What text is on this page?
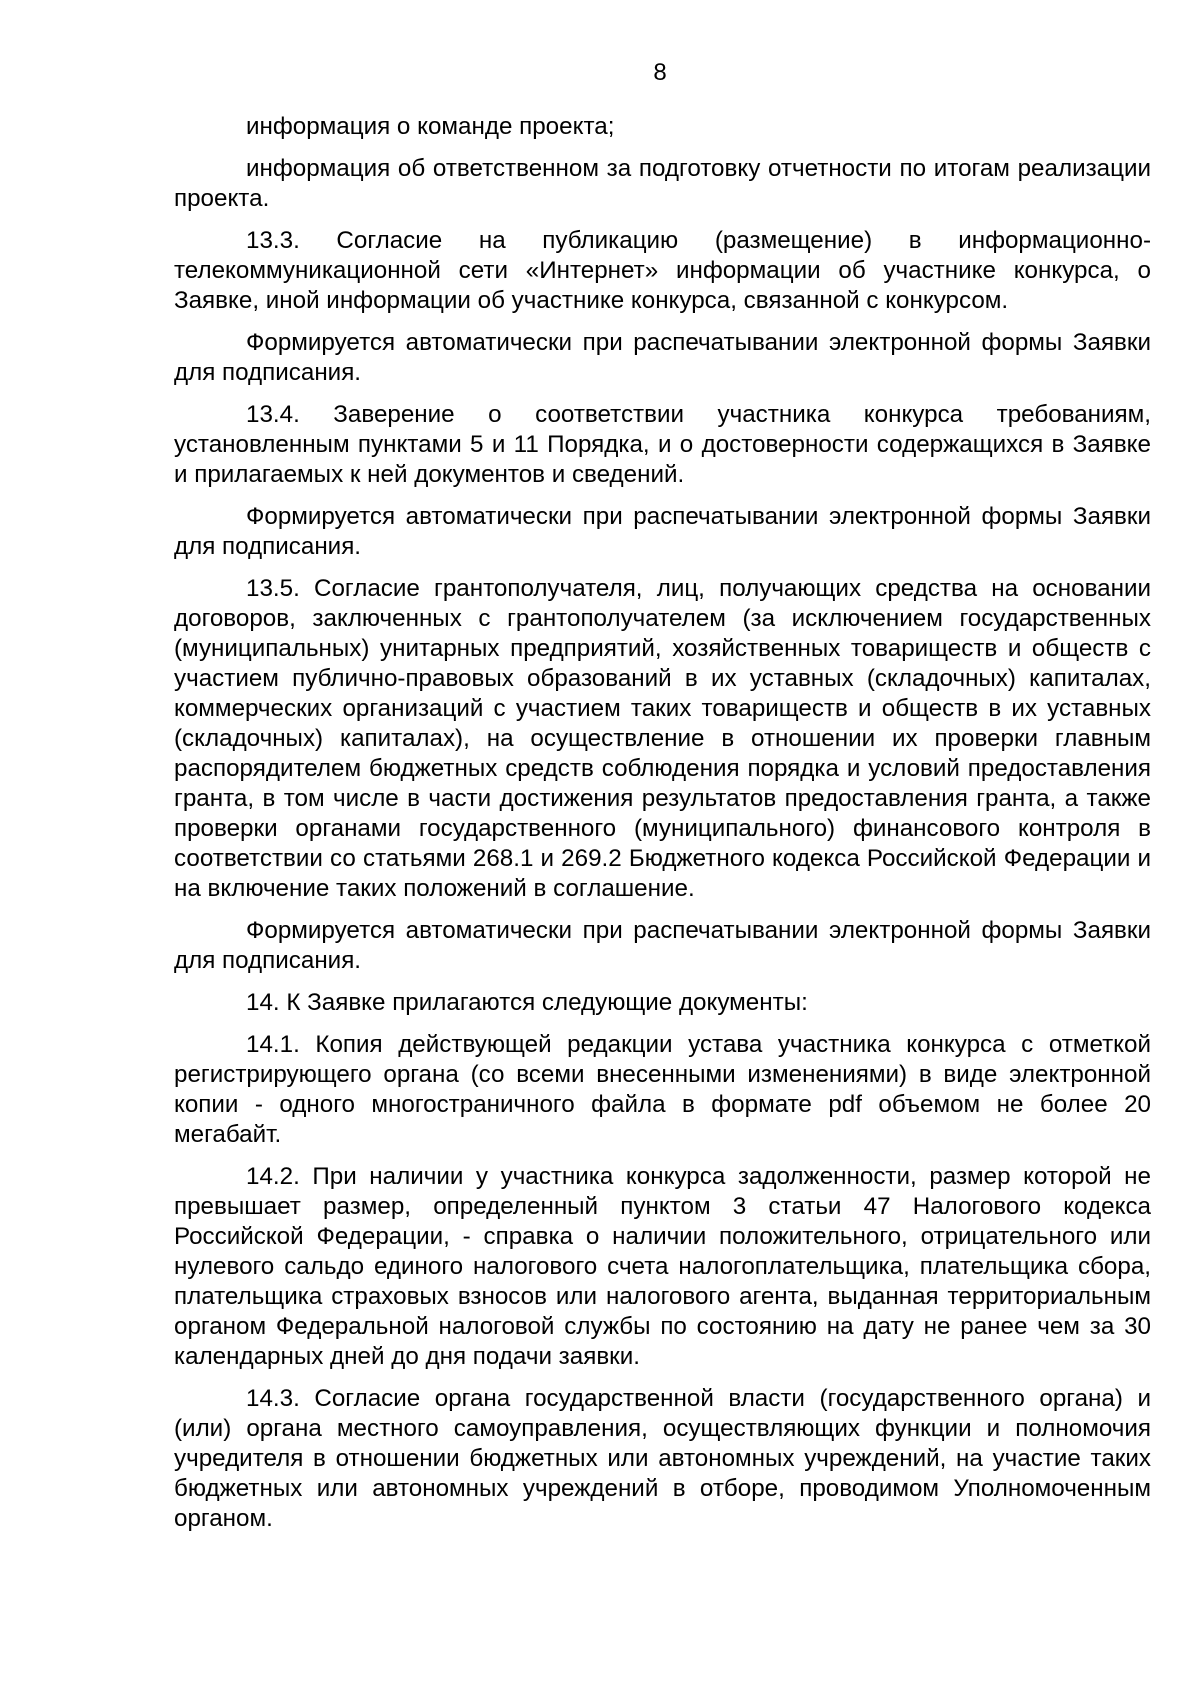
8

информация о команде проекта;

информация об ответственном за подготовку отчетности по итогам реализации проекта.

13.3. Согласие на публикацию (размещение) в информационно-телекоммуникационной сети «Интернет» информации об участнике конкурса, о Заявке, иной информации об участнике конкурса, связанной с конкурсом.

Формируется автоматически при распечатывании электронной формы Заявки для подписания.

13.4. Заверение о соответствии участника конкурса требованиям, установленным пунктами 5 и 11 Порядка, и о достоверности содержащихся в Заявке и прилагаемых к ней документов и сведений.

Формируется автоматически при распечатывании электронной формы Заявки для подписания.

13.5. Согласие грантополучателя, лиц, получающих средства на основании договоров, заключенных с грантополучателем (за исключением государственных (муниципальных) унитарных предприятий, хозяйственных товариществ и обществ с участием публично-правовых образований в их уставных (складочных) капиталах, коммерческих организаций с участием таких товариществ и обществ в их уставных (складочных) капиталах), на осуществление в отношении их проверки главным распорядителем бюджетных средств соблюдения порядка и условий предоставления гранта, в том числе в части достижения результатов предоставления гранта, а также проверки органами государственного (муниципального) финансового контроля в соответствии со статьями 268.1 и 269.2 Бюджетного кодекса Российской Федерации и на включение таких положений в соглашение.

Формируется автоматически при распечатывании электронной формы Заявки для подписания.

14. К Заявке прилагаются следующие документы:

14.1. Копия действующей редакции устава участника конкурса с отметкой регистрирующего органа (со всеми внесенными изменениями) в виде электронной копии - одного многостраничного файла в формате pdf объемом не более 20 мегабайт.

14.2. При наличии у участника конкурса задолженности, размер которой не превышает размер, определенный пунктом 3 статьи 47 Налогового кодекса Российской Федерации, - справка о наличии положительного, отрицательного или нулевого сальдо единого налогового счета налогоплательщика, плательщика сбора, плательщика страховых взносов или налогового агента, выданная территориальным органом Федеральной налоговой службы по состоянию на дату не ранее чем за 30 календарных дней до дня подачи заявки.

14.3. Согласие органа государственной власти (государственного органа) и (или) органа местного самоуправления, осуществляющих функции и полномочия учредителя в отношении бюджетных или автономных учреждений, на участие таких бюджетных или автономных учреждений в отборе, проводимом Уполномоченным органом.
